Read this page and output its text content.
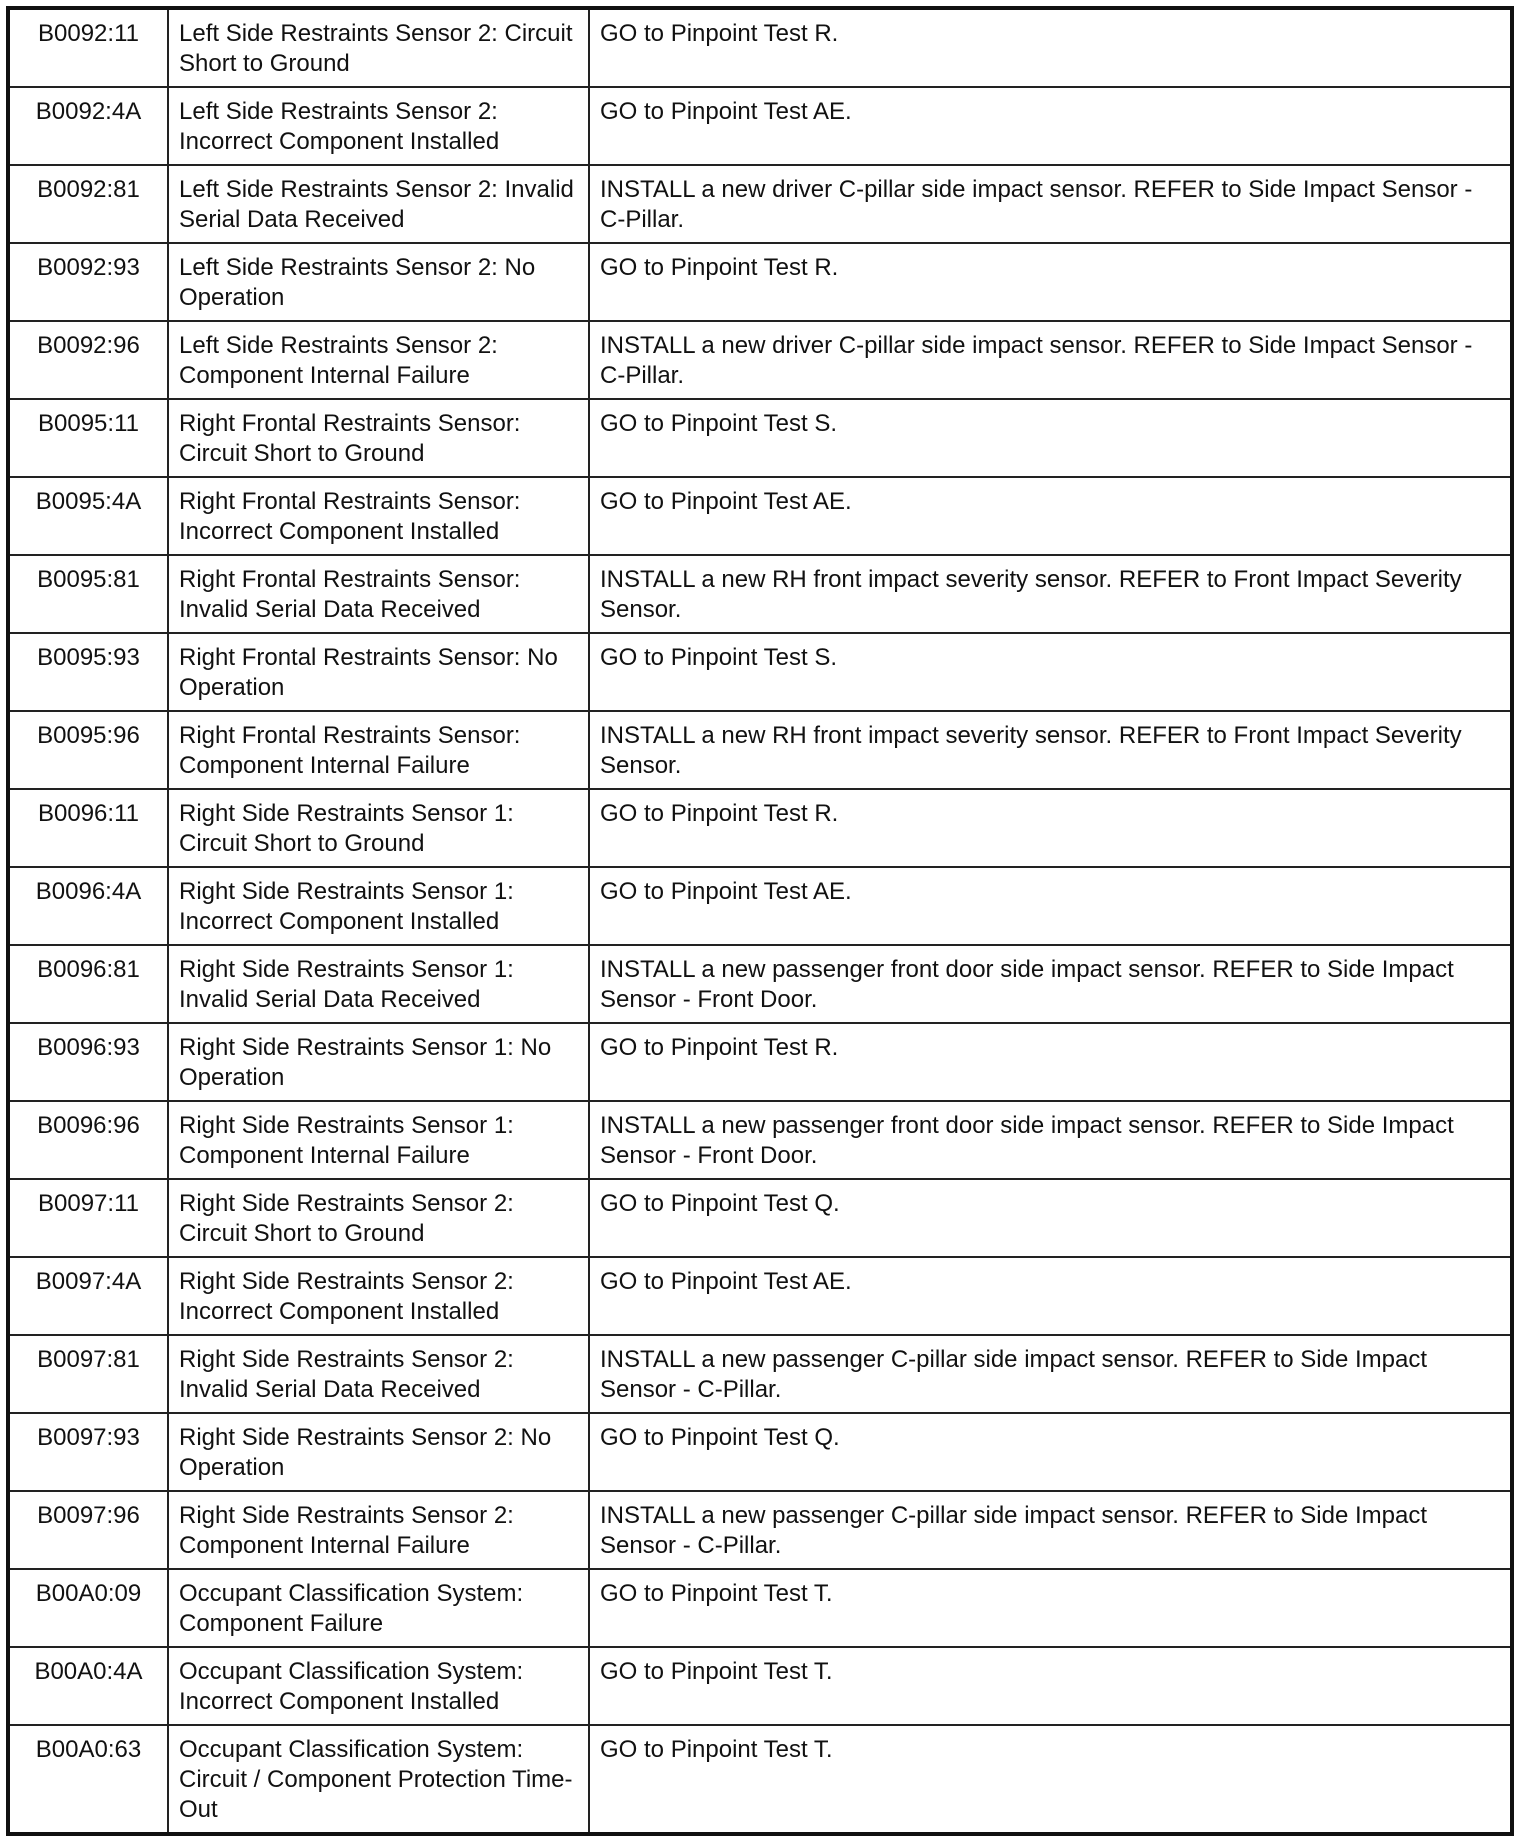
B0092:11	Left Side Restraints Sensor 2: Circuit Short to Ground	GO to Pinpoint Test R.
B0092:4A	Left Side Restraints Sensor 2: Incorrect Component Installed	GO to Pinpoint Test AE.
B0092:81	Left Side Restraints Sensor 2: Invalid Serial Data Received	INSTALL a new driver C-pillar side impact sensor. REFER to Side Impact Sensor - C-Pillar.
B0092:93	Left Side Restraints Sensor 2: No Operation	GO to Pinpoint Test R.
B0092:96	Left Side Restraints Sensor 2: Component Internal Failure	INSTALL a new driver C-pillar side impact sensor. REFER to Side Impact Sensor - C-Pillar.
B0095:11	Right Frontal Restraints Sensor: Circuit Short to Ground	GO to Pinpoint Test S.
B0095:4A	Right Frontal Restraints Sensor: Incorrect Component Installed	GO to Pinpoint Test AE.
B0095:81	Right Frontal Restraints Sensor: Invalid Serial Data Received	INSTALL a new RH front impact severity sensor. REFER to Front Impact Severity Sensor.
B0095:93	Right Frontal Restraints Sensor: No Operation	GO to Pinpoint Test S.
B0095:96	Right Frontal Restraints Sensor: Component Internal Failure	INSTALL a new RH front impact severity sensor. REFER to Front Impact Severity Sensor.
B0096:11	Right Side Restraints Sensor 1: Circuit Short to Ground	GO to Pinpoint Test R.
B0096:4A	Right Side Restraints Sensor 1: Incorrect Component Installed	GO to Pinpoint Test AE.
B0096:81	Right Side Restraints Sensor 1: Invalid Serial Data Received	INSTALL a new passenger front door side impact sensor. REFER to Side Impact Sensor - Front Door.
B0096:93	Right Side Restraints Sensor 1: No Operation	GO to Pinpoint Test R.
B0096:96	Right Side Restraints Sensor 1: Component Internal Failure	INSTALL a new passenger front door side impact sensor. REFER to Side Impact Sensor - Front Door.
B0097:11	Right Side Restraints Sensor 2: Circuit Short to Ground	GO to Pinpoint Test Q.
B0097:4A	Right Side Restraints Sensor 2: Incorrect Component Installed	GO to Pinpoint Test AE.
B0097:81	Right Side Restraints Sensor 2: Invalid Serial Data Received	INSTALL a new passenger C-pillar side impact sensor. REFER to Side Impact Sensor - C-Pillar.
B0097:93	Right Side Restraints Sensor 2: No Operation	GO to Pinpoint Test Q.
B0097:96	Right Side Restraints Sensor 2: Component Internal Failure	INSTALL a new passenger C-pillar side impact sensor. REFER to Side Impact Sensor - C-Pillar.
B00A0:09	Occupant Classification System: Component Failure	GO to Pinpoint Test T.
B00A0:4A	Occupant Classification System: Incorrect Component Installed	GO to Pinpoint Test T.
B00A0:63	Occupant Classification System: Circuit / Component Protection Time-Out	GO to Pinpoint Test T.
